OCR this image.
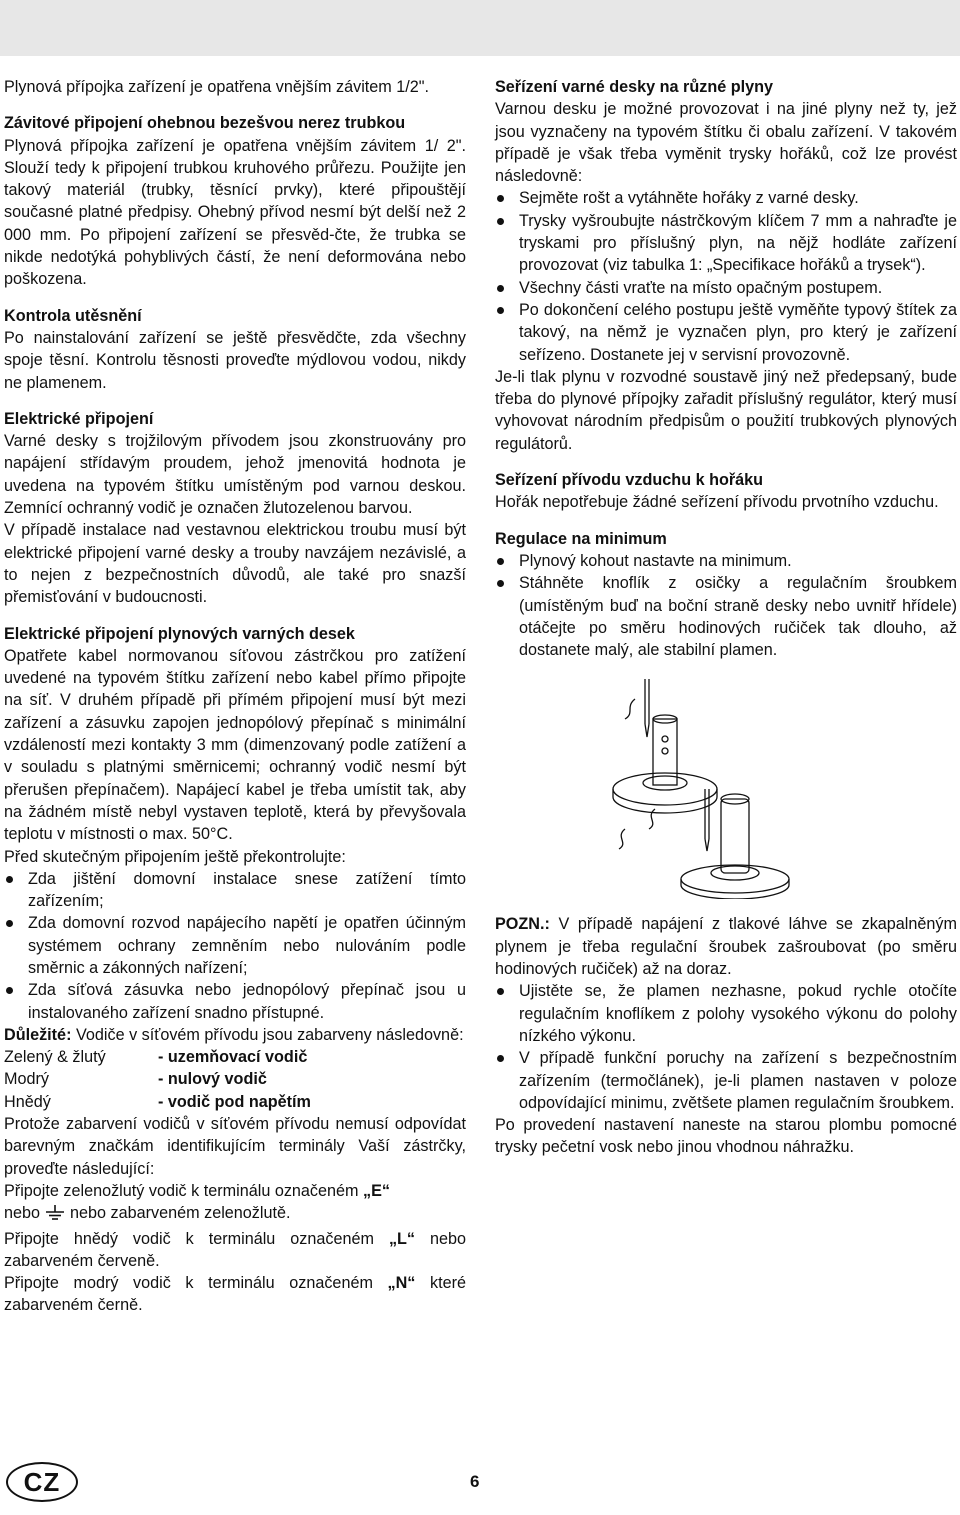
Plynová přípojka zařízení je opatřena vnějším závitem 1/2".

Závitové připojení ohebnou bezešvou nerez trubkou

Plynová přípojka zařízení je opatřena vnějším závitem 1/ 2". Slouží tedy k připojení trubkou kruhového průřezu. Použijte jen takový materiál (trubky, těsnící prvky), které připouštějí současné platné předpisy. Ohebný přívod nesmí být delší než 2 000 mm. Po připojení zařízení se přesvěd-čte, že trubka se nikde nedotýká pohyblivých částí, že není deformována nebo poškozena.

Kontrola utěsnění

Po nainstalování zařízení se ještě přesvědčte, zda všechny spoje těsní. Kontrolu těsnosti proveďte mýdlovou vodou, nikdy ne plamenem.

Elektrické připojení

Varné desky s trojžilovým přívodem jsou zkonstruovány pro napájení střídavým proudem, jehož jmenovitá hodnota je uvedena na typovém štítku umístěným pod varnou deskou. Zemnící ochranný vodič je označen žlutozelenou barvou.

V případě instalace nad vestavnou elektrickou troubu musí být elektrické připojení varné desky a trouby navzájem nezávislé, a to nejen z bezpečnostních důvodů, ale také pro snazší přemisťování v budoucnosti.

Elektrické připojení plynových varných desek

Opatřete kabel normovanou síťovou zástrčkou pro zatížení uvedené na typovém štítku zařízení nebo kabel přímo připojte na síť. V druhém případě při přímém připojení musí být mezi zařízení a zásuvku zapojen jednopólový přepínač s minimální vzdáleností mezi kontakty 3 mm (dimenzovaný podle zatížení a v souladu s platnými směrnicemi; ochranný vodič nesmí být přerušen přepínačem). Napájecí kabel je třeba umístit tak, aby na žádném místě nebyl vystaven teplotě, která by převyšovala teplotu v místnosti o max. 50°C.

Před skutečným připojením ještě překontrolujte:

Zda jištění domovní instalace snese zatížení tímto zařízením;
Zda domovní rozvod napájecího napětí je opatřen účinným systémem ochrany zemněním nebo nulováním podle směrnic a zákonných nařízení;
Zda síťová zásuvka nebo jednopólový přepínač jsou u instalovaného zařízení snadno přístupné.

Důležité: Vodiče v síťovém přívodu jsou zabarveny následovně:

Zelený & žlutý	- uzemňovací vodič
Modrý	- nulový vodič
Hnědý	- vodič pod napětím

Protože zabarvení vodičů v síťovém přívodu nemusí odpovídat barevným značkám identifikujícím terminály Vaší zástrčky, proveďte následující:

Připojte zelenožlutý vodič k terminálu označeném „E“

nebo nebo zabarveném zelenožlutě.

Připojte hnědý vodič k terminálu označeném „L“ nebo zabarveném červeně.

Připojte modrý vodič k terminálu označeném „N“ které zabarveném černě.

Seřízení varné desky na různé plyny

Varnou desku je možné provozovat i na jiné plyny než ty, jež jsou vyznačeny na typovém štítku či obalu zařízení. V takovém případě je však třeba vyměnit trysky hořáků, což lze provést následovně:

Sejměte rošt a vytáhněte hořáky z varné desky.
Trysky vyšroubujte nástrčkovým klíčem 7 mm a nahraďte je tryskami pro příslušný plyn, na nějž hodláte zařízení provozovat (viz tabulka 1: „Specifikace hořáků a trysek“).
Všechny části vraťte na místo opačným postupem.
Po dokončení celého postupu ještě vyměňte typový štítek za takový, na němž je vyznačen plyn, pro který je zařízení seřízeno. Dostanete jej v servisní provozovně.

Je-li tlak plynu v rozvodné soustavě jiný než předepsaný, bude třeba do plynové přípojky zařadit příslušný regulátor, který musí vyhovovat národním předpisům o použití trubkových plynových regulátorů.

Seřízení přívodu vzduchu k hořáku

Hořák nepotřebuje žádné seřízení přívodu prvotního vzduchu.

Regulace na minimum
Plynový kohout nastavte na minimum.
Stáhněte knoflík z osičky a regulačním šroubkem (umístěným buď na boční straně desky nebo uvnitř hřídele) otáčejte po směru hodinových ručiček tak dlouho, až dostanete malý, ale stabilní plamen.

POZN.: V případě napájení z tlakové láhve se zkapalněným plynem je třeba regulační šroubek zašroubovat (po směru hodinových ručiček) až na doraz.

Ujistěte se, že plamen nezhasne, pokud rychle otočíte regulačním knoflíkem z polohy vysokého výkonu do polohy nízkého výkonu.
V případě funkční poruchy na zařízení s bezpečnostním zařízením (termočlánek), je-li plamen nastaven v poloze odpovídající minimu, zvětšete plamen regulačním šroubkem.

Po provedení nastavení naneste na starou plombu pomocné trysky pečetní vosk nebo jinou vhodnou náhražku.

CZ	6
